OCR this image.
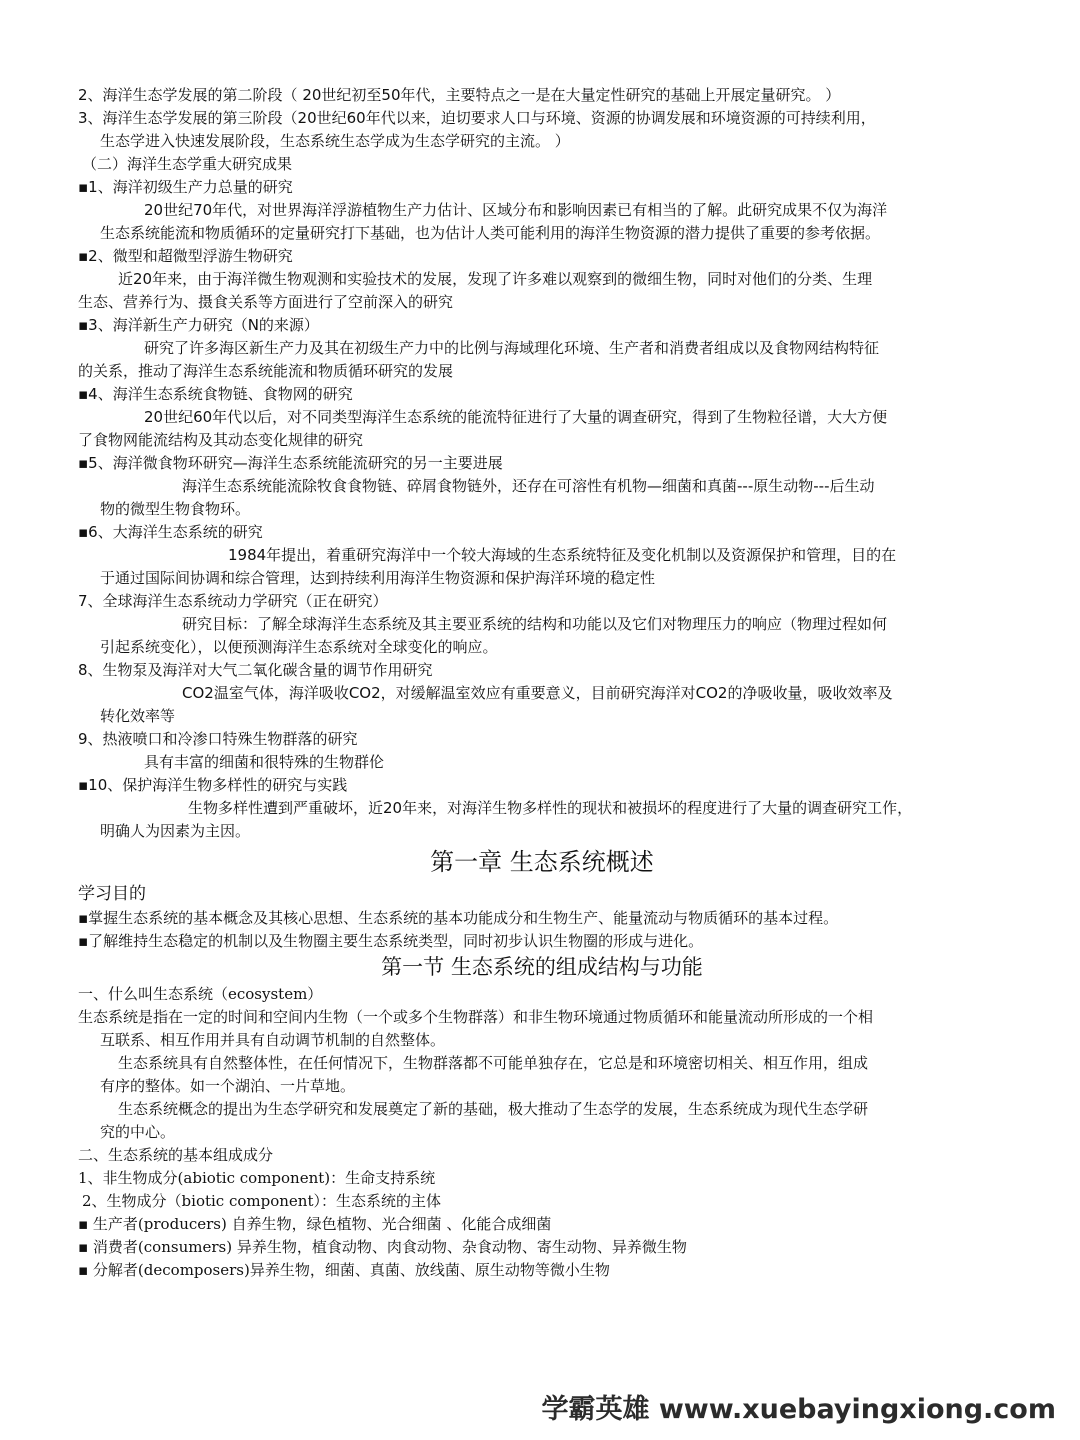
2、海洋生态学发展的第二阶段（ 20世纪初至50年代，主要特点之一是在大量定性研究的基础上开展定量研究。 ）
3、海洋生态学发展的第三阶段（20世纪60年代以来，迫切要求人口与环境、资源的协调发展和环境资源的可持续利用，
生态学进入快速发展阶段，生态系统生态学成为生态学研究的主流。 ）
（二）海洋生态学重大研究成果
▪1、海洋初级生产力总量的研究
20世纪70年代，对世界海洋浮游植物生产力估计、区域分布和影响因素已有相当的了解。此研究成果不仅为海洋
生态系统能流和物质循环的定量研究打下基础，也为估计人类可能利用的海洋生物资源的潜力提供了重要的参考依据。
▪2、微型和超微型浮游生物研究
近20年来，由于海洋微生物观测和实验技术的发展，发现了许多难以观察到的微细生物，同时对他们的分类、生理
生态、营养行为、摄食关系等方面进行了空前深入的研究
▪3、海洋新生产力研究（N的来源）
研究了许多海区新生产力及其在初级生产力中的比例与海域理化环境、生产者和消费者组成以及食物网结构特征
的关系，推动了海洋生态系统能流和物质循环研究的发展
▪4、海洋生态系统食物链、食物网的研究
20世纪60年代以后，对不同类型海洋生态系统的能流特征进行了大量的调查研究，得到了生物粒径谱，大大方便
了食物网能流结构及其动态变化规律的研究
▪5、海洋微食物环研究—海洋生态系统能流研究的另一主要进展
海洋生态系统能流除牧食食物链、碎屑食物链外，还存在可溶性有机物—细菌和真菌---原生动物---后生动
物的微型生物食物环。
▪6、大海洋生态系统的研究
1984年提出，着重研究海洋中一个较大海域的生态系统特征及变化机制以及资源保护和管理，目的在
于通过国际间协调和综合管理，达到持续利用海洋生物资源和保护海洋环境的稳定性
7、全球海洋生态系统动力学研究（正在研究）
研究目标：了解全球海洋生态系统及其主要亚系统的结构和功能以及它们对物理压力的响应（物理过程如何
引起系统变化），以便预测海洋生态系统对全球变化的响应。
8、生物泵及海洋对大气二氧化碳含量的调节作用研究
CO2温室气体，海洋吸收CO2，对缓解温室效应有重要意义，目前研究海洋对CO2的净吸收量，吸收效率及
转化效率等
9、热液喷口和冷渗口特殊生物群落的研究
具有丰富的细菌和很特殊的生物群伦
▪10、保护海洋生物多样性的研究与实践
生物多样性遭到严重破坏，近20年来，对海洋生物多样性的现状和被损坏的程度进行了大量的调查研究工作，
明确人为因素为主因。
第一章 生态系统概述
学习目的
▪掌握生态系统的基本概念及其核心思想、生态系统的基本功能成分和生物生产、能量流动与物质循环的基本过程。
▪了解维持生态稳定的机制以及生物圈主要生态系统类型，同时初步认识生物圈的形成与进化。
第一节 生态系统的组成结构与功能
一、什么叫生态系统（ecosystem）
生态系统是指在一定的时间和空间内生物（一个或多个生物群落）和非生物环境通过物质循环和能量流动所形成的一个相
互联系、相互作用并具有自动调节机制的自然整体。
生态系统具有自然整体性，在任何情况下，生物群落都不可能单独存在，它总是和环境密切相关、相互作用，组成
有序的整体。如一个湖泊、一片草地。
生态系统概念的提出为生态学研究和发展奠定了新的基础，极大推动了生态学的发展，生态系统成为现代生态学研
究的中心。
二、生态系统的基本组成成分
1、非生物成分(abiotic component)：生命支持系统
2、生物成分（biotic component）：生态系统的主体
▪ 生产者(producers) 自养生物，绿色植物、光合细菌 、化能合成细菌
▪ 消费者(consumers) 异养生物，植食动物、肉食动物、杂食动物、寄生动物、异养微生物
▪ 分解者(decomposers)异养生物，细菌、真菌、放线菌、原生动物等微小生物
学霸英雄 www.xuebayingxiong.com
